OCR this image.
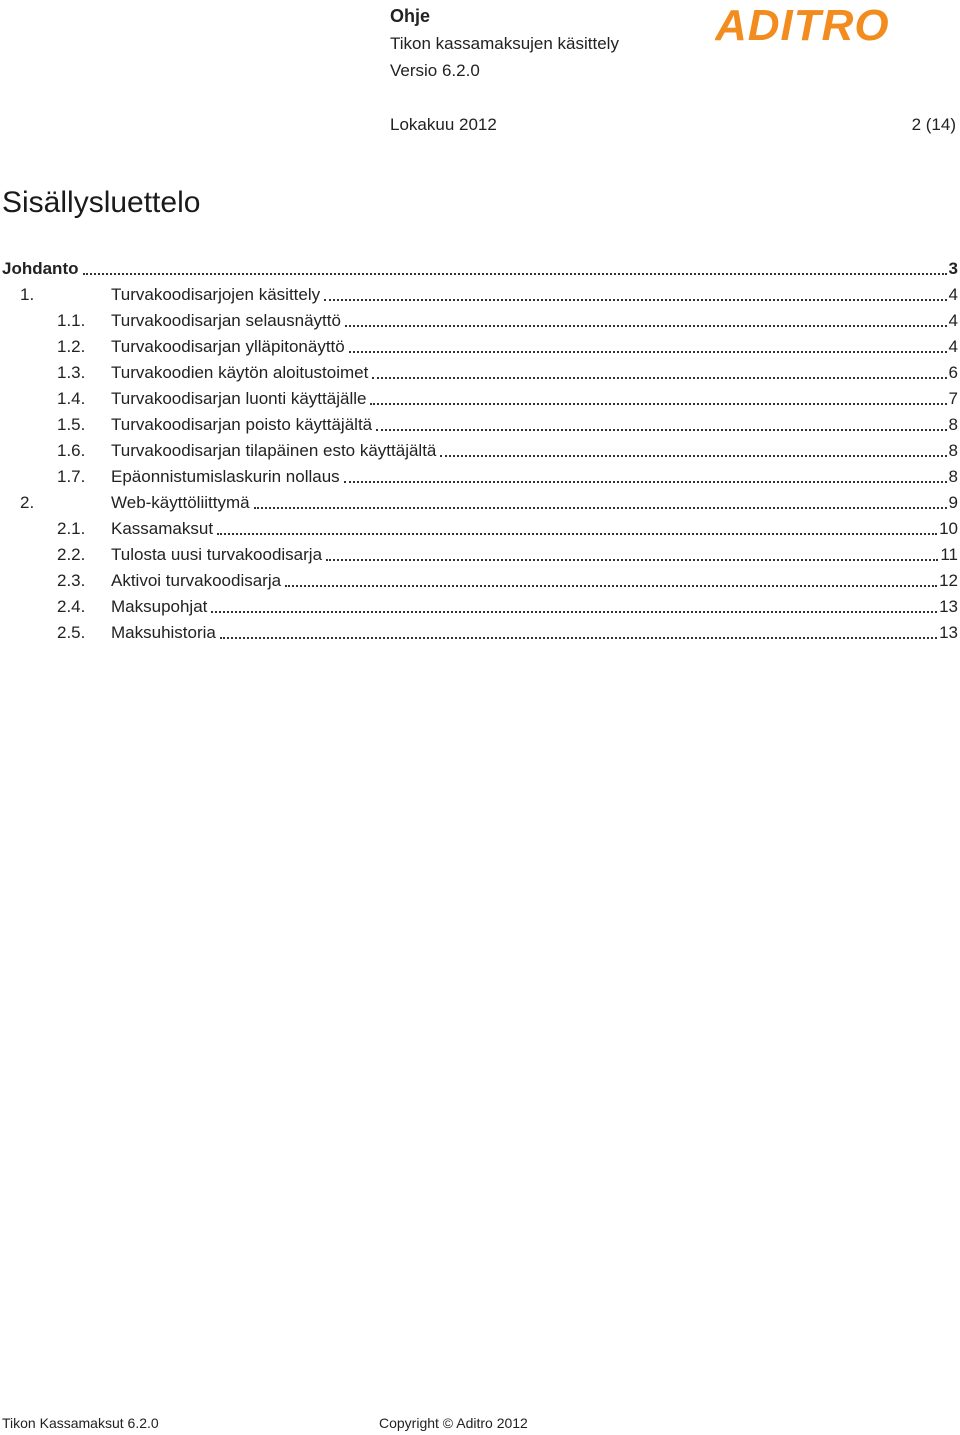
Ohje
Tikon kassamaksujen käsittely
Versio 6.2.0
Lokakuu 2012	2 (14)
ADITRO
Sisällysluettelo
Johdanto	3
1.	Turvakoodisarjojen käsittely	4
1.1. Turvakoodisarjan selausnäyttö	4
1.2. Turvakoodisarjan ylläpitonäyttö	4
1.3. Turvakoodien käytön aloitustoimet	6
1.4. Turvakoodisarjan luonti käyttäjälle	7
1.5. Turvakoodisarjan poisto käyttäjältä	8
1.6. Turvakoodisarjan tilapäinen esto käyttäjältä	8
1.7. Epäonnistumislaskurin nollaus	8
2.	Web-käyttöliittymä	9
2.1. Kassamaksut	10
2.2. Tulosta uusi turvakoodisarja	11
2.3. Aktivoi turvakoodisarja	12
2.4. Maksupohjat	13
2.5. Maksuhistoria	13
Tikon Kassamaksut 6.2.0	Copyright © Aditro 2012
